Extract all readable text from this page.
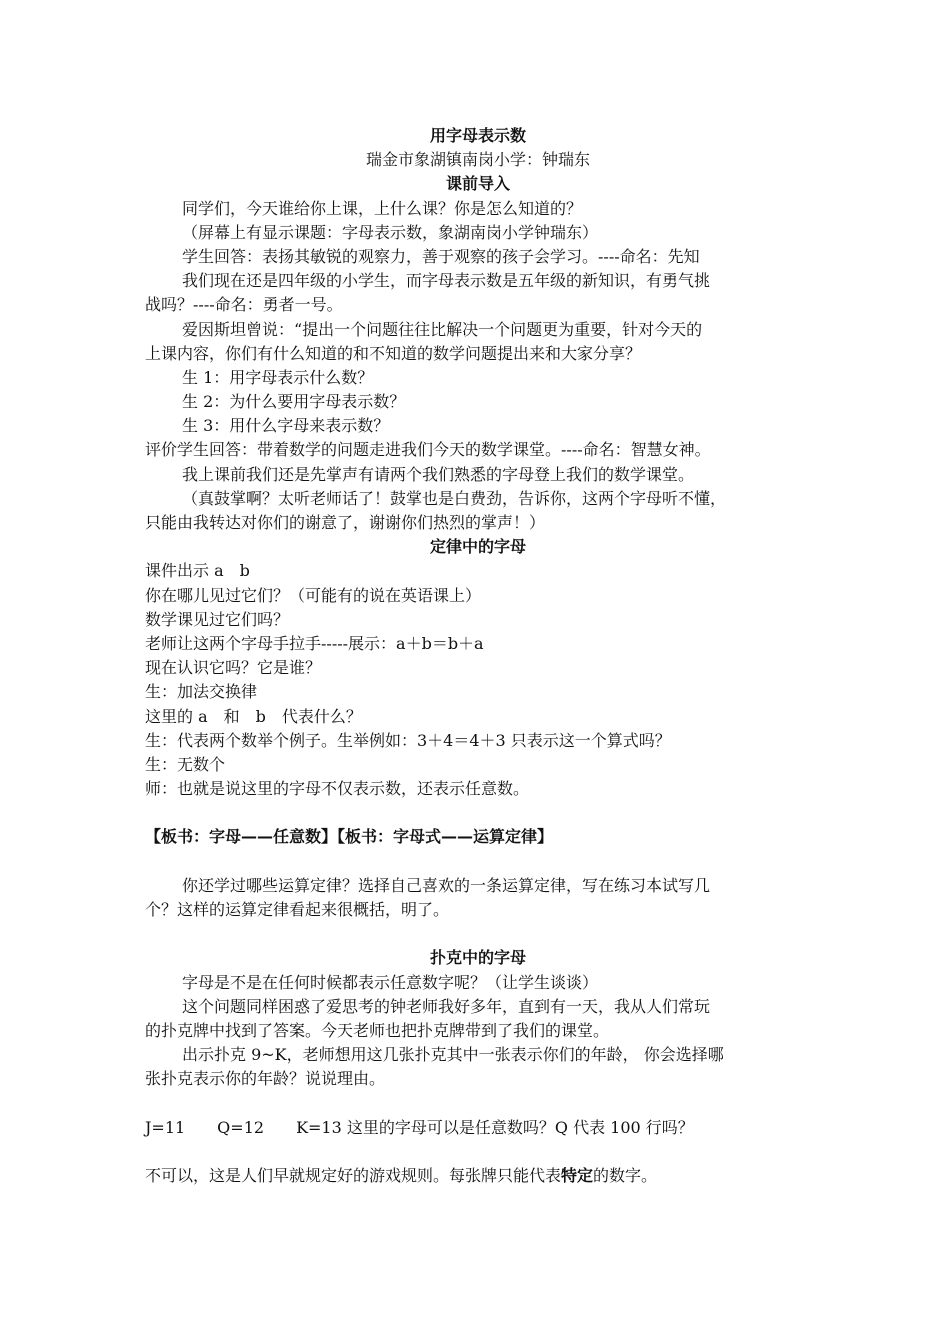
用字母表示数
瑞金市象湖镇南岗小学：钟瑞东
课前导入
同学们，今天谁给你上课，上什么课？你是怎么知道的？
（屏幕上有显示课题：字母表示数，象湖南岗小学钟瑞东）
学生回答：表扬其敏锐的观察力，善于观察的孩子会学习。----命名：先知
我们现在还是四年级的小学生，而字母表示数是五年级的新知识，有勇气挑
战吗？----命名：勇者一号。
爱因斯坦曾说：“提出一个问题往往比解决一个问题更为重要，针对今天的
上课内容，你们有什么知道的和不知道的数学问题提出来和大家分享？
生 1：用字母表示什么数？
生 2：为什么要用字母表示数？
生 3：用什么字母来表示数？
评价学生回答：带着数学的问题走进我们今天的数学课堂。----命名：智慧女神。
我上课前我们还是先掌声有请两个我们熟悉的字母登上我们的数学课堂。
（真鼓掌啊？太听老师话了！鼓掌也是白费劲，告诉你，这两个字母听不懂，
只能由我转达对你们的谢意了，谢谢你们热烈的掌声！）
定律中的字母
课件出示 a　b
你在哪儿见过它们？（可能有的说在英语课上）
数学课见过它们吗？
老师让这两个字母手拉手-----展示：a＋b＝b＋a
现在认识它吗？它是谁？
生：加法交换律
这里的 a　和　b　代表什么？
生：代表两个数举个例子。生举例如：3＋4＝4＋3 只表示这一个算式吗？
生：无数个
师：也就是说这里的字母不仅表示数，还表示任意数。
【板书：字母——任意数】【板书：字母式——运算定律】
你还学过哪些运算定律？选择自己喜欢的一条运算定律，写在练习本试写几
个？这样的运算定律看起来很概括，明了。
扑克中的字母
字母是不是在任何时候都表示任意数字呢？（让学生谈谈）
这个问题同样困惑了爱思考的钟老师我好多年，直到有一天，我从人们常玩
的扑克牌中找到了答案。今天老师也把扑克牌带到了我们的课堂。
出示扑克 9~K，老师想用这几张扑克其中一张表示你们的年龄， 你会选择哪
张扑克表示你的年龄？说说理由。
J=11　　Q=12　　K=13 这里的字母可以是任意数吗？Q 代表 100 行吗？
不可以，这是人们早就规定好的游戏规则。每张牌只能代表特定的数字。
